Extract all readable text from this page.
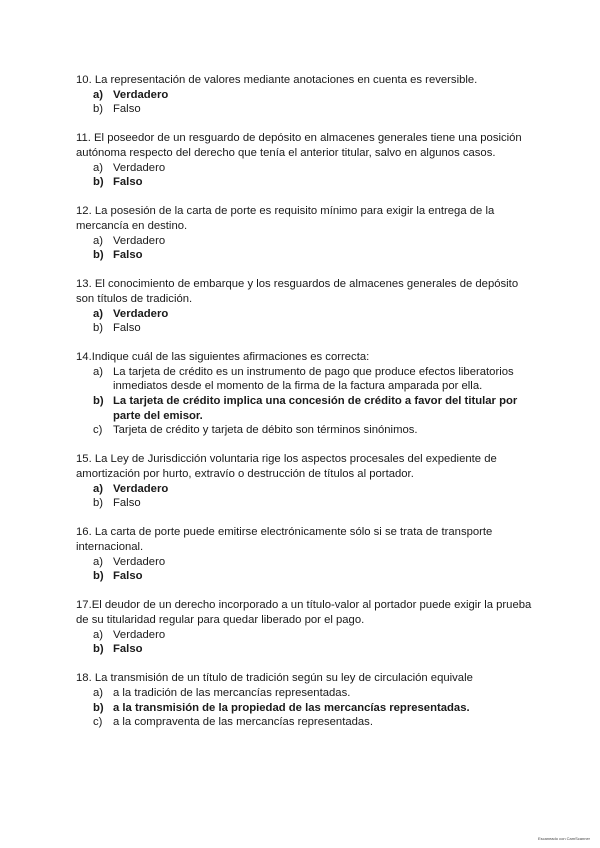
10. La representación de valores mediante anotaciones en cuenta es reversible.

a) Verdadero
b) Falso

11. El poseedor de un resguardo de depósito en almacenes generales tiene una posición autónoma respecto del derecho que tenía el anterior titular, salvo en algunos casos.

a) Verdadero
b) Falso

12. La posesión de la carta de porte es requisito mínimo para exigir la entrega de la mercancía en destino.

a) Verdadero
b) Falso

13. El conocimiento de embarque y los resguardos de almacenes generales de depósito son títulos de tradición.

a) Verdadero
b) Falso

14.Indique cuál de las siguientes afirmaciones es correcta:

a) La tarjeta de crédito es un instrumento de pago que produce efectos liberatorios inmediatos desde el momento de la firma de la factura amparada por ella.
b) La tarjeta de crédito implica una concesión de crédito a favor del titular por parte del emisor.
c) Tarjeta de crédito y tarjeta de débito son términos sinónimos.

15. La Ley de Jurisdicción voluntaria rige los aspectos procesales del expediente de amortización por hurto, extravío o destrucción de títulos al portador.

a) Verdadero
b) Falso

16. La carta de porte puede emitirse electrónicamente sólo si se trata de transporte internacional.

a) Verdadero
b) Falso

17.El deudor de un derecho incorporado a un título-valor al portador puede exigir la prueba de su titularidad regular para quedar liberado por el pago.

a) Verdadero
b) Falso

18. La transmisión de un título de tradición según su ley de circulación equivale

a) a la tradición de las mercancías representadas.
b) a la transmisión de la propiedad de las mercancías representadas.
c) a la compraventa de las mercancías representadas.
Escaneado con CamScanner
